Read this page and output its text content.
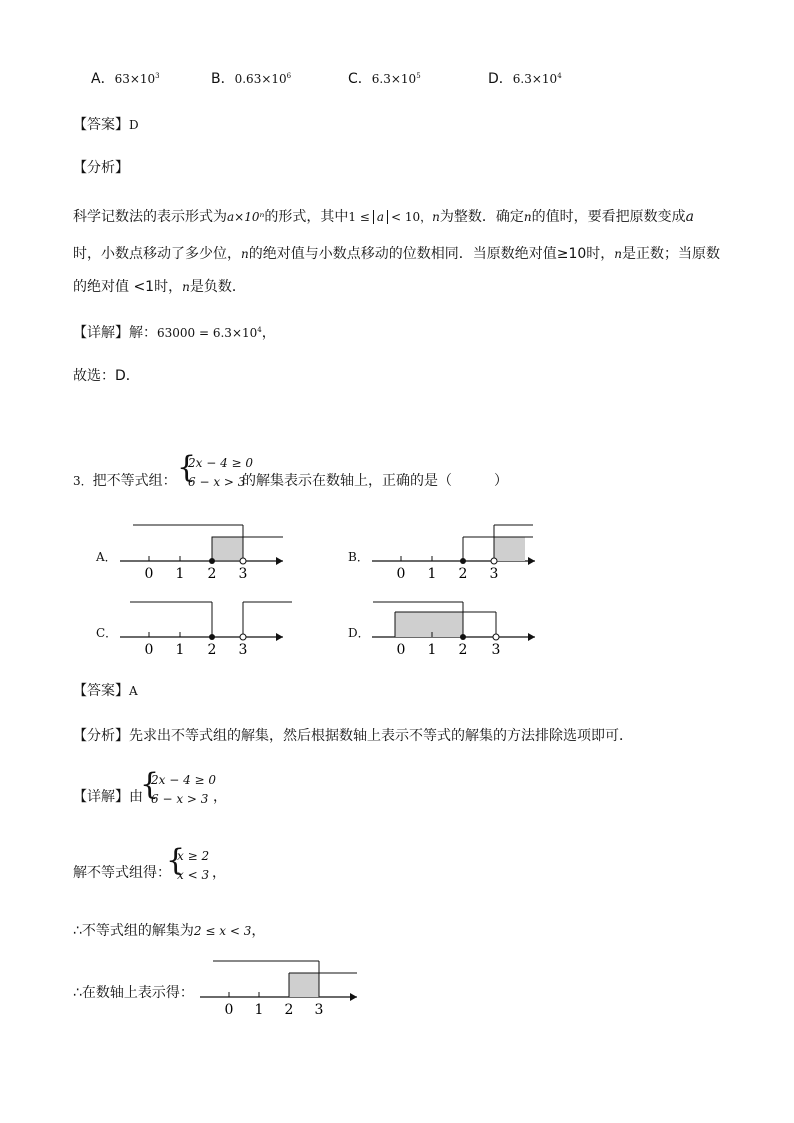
A．$63\times 10^3$	B．$0.63\times 10^6$	C．$6.3\times 10^5$	D．$6.3\times 10^4$
【答案】D
【分析】
科学记数法的表示形式为a×10ⁿ的形式，其中1 ≤ a < 10，n为整数．确定n的值时，要看把原数变成a
时，小数点移动了多少位，n的绝对值与小数点移动的位数相同．当原数绝对值≥10时，n是正数；当原数
的绝对值 <1时，n是负数．
【详解】解：$63000 = 6.3\times 10^4$，
故选：D．
3．把不等式组： {
2x − 4 ≥ 0
6 − x > 3
的解集表示在数轴上，正确的是（　　　）
A．	B．
C．	D．
0 1 2 3	0 1 2 3
0 1 2 3	0 1 2 3
0 1 2 3
【答案】A
【分析】先求出不等式组的解集，然后根据数轴上表示不等式的解集的方法排除选项即可．
【详解】由
{
2x − 4 ≥ 0
6 − x > 3 ，
解不等式组得：
{
x ≥ 2
x < 3 ，
∴不等式组的解集为2 ≤ x < 3，
∴在数轴上表示得：
